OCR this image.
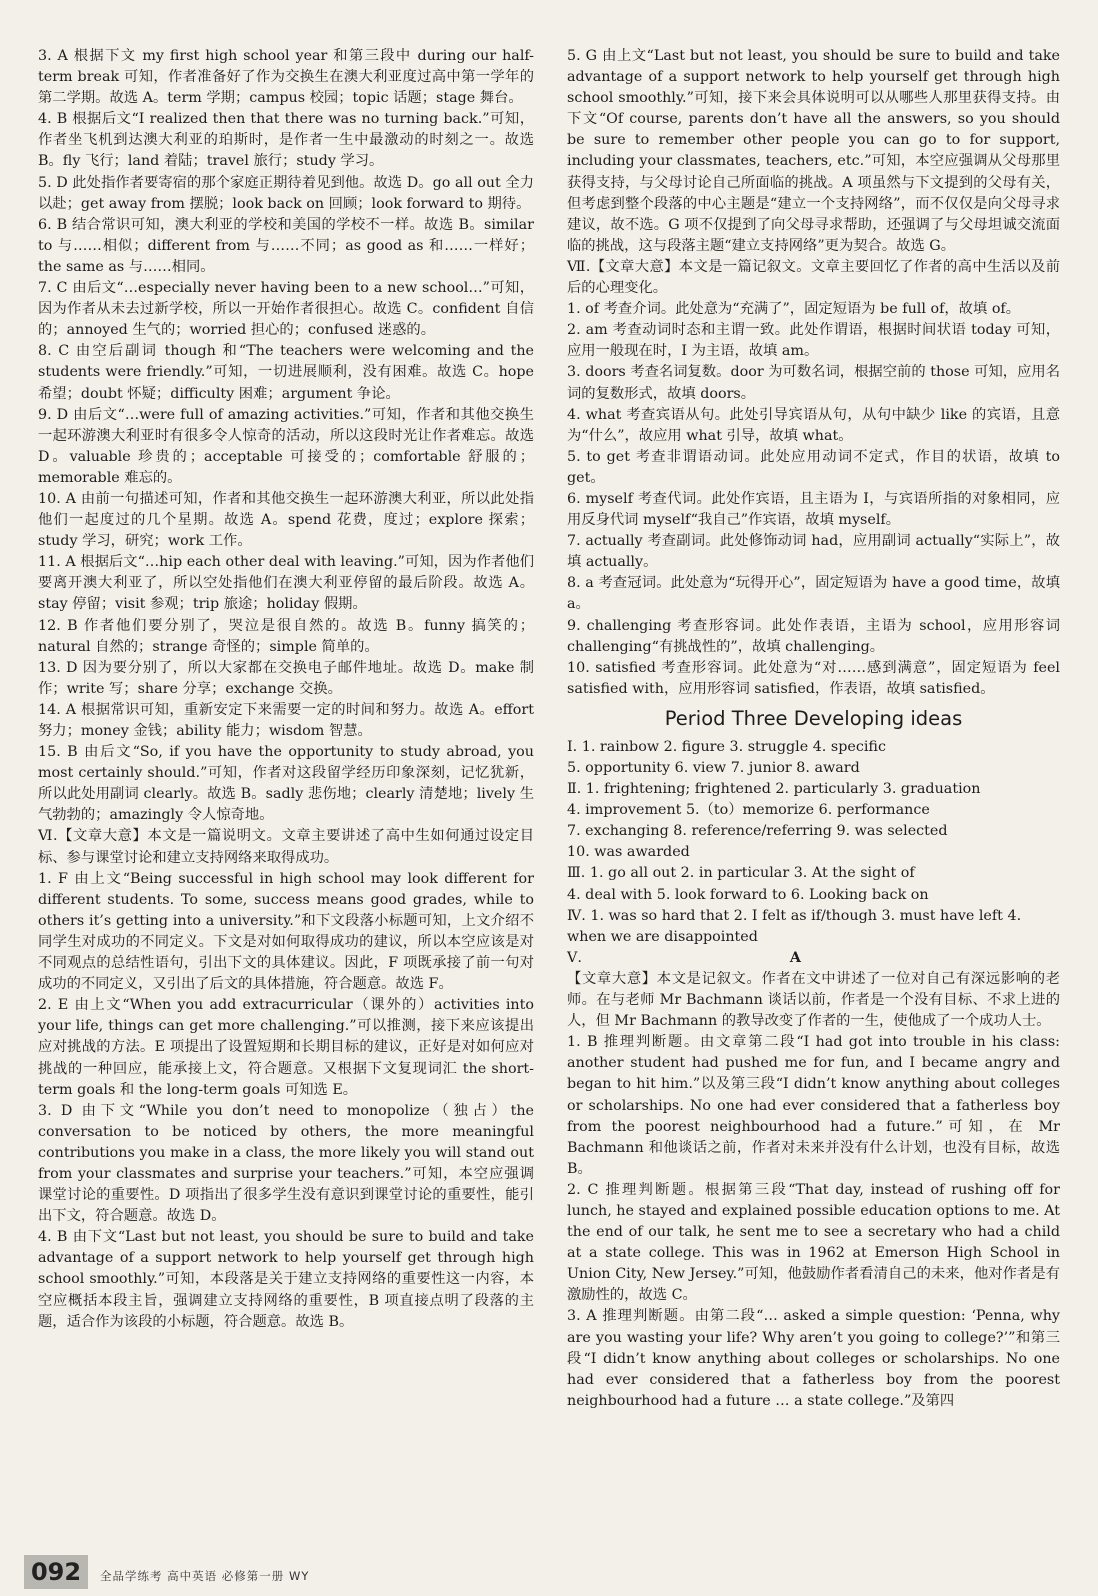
3. A 根据下文 my first high school year 和第三段中 during our half-term break 可知，作者准备好了作为交换生在澳大利亚度过高中第一学年的第二学期。故选 A。term 学期；campus 校园；topic 话题；stage 舞台。

4. B 根据后文“I realized then that there was no turning back.”可知，作者坐飞机到达澳大利亚的珀斯时，是作者一生中最激动的时刻之一。故选 B。fly 飞行；land 着陆；travel 旅行；study 学习。

5. D 此处指作者要寄宿的那个家庭正期待着见到他。故选 D。go all out 全力以赴；get away from 摆脱；look back on 回顾；look forward to 期待。

6. B 结合常识可知，澳大利亚的学校和美国的学校不一样。故选 B。similar to 与……相似；different from 与……不同；as good as 和……一样好；the same as 与……相同。

7. C 由后文“…especially never having been to a new school…”可知，因为作者从未去过新学校，所以一开始作者很担心。故选 C。confident 自信的；annoyed 生气的；worried 担心的；confused 迷惑的。

8. C 由空后副词 though 和“The teachers were welcoming and the students were friendly.”可知，一切进展顺利，没有困难。故选 C。hope 希望；doubt 怀疑；difficulty 困难；argument 争论。

9. D 由后文“…were full of amazing activities.”可知，作者和其他交换生一起环游澳大利亚时有很多令人惊奇的活动，所以这段时光让作者难忘。故选 D。valuable 珍贵的；acceptable 可接受的；comfortable 舒服的；memorable 难忘的。

10. A 由前一句描述可知，作者和其他交换生一起环游澳大利亚，所以此处指他们一起度过的几个星期。故选 A。spend 花费，度过；explore 探索；study 学习，研究；work 工作。

11. A 根据后文“…hip each other deal with leaving.”可知，因为作者他们要离开澳大利亚了，所以空处指他们在澳大利亚停留的最后阶段。故选 A。stay 停留；visit 参观；trip 旅途；holiday 假期。

12. B 作者他们要分别了，哭泣是很自然的。故选 B。funny 搞笑的；natural 自然的；strange 奇怪的；simple 简单的。

13. D 因为要分别了，所以大家都在交换电子邮件地址。故选 D。make 制作；write 写；share 分享；exchange 交换。

14. A 根据常识可知，重新安定下来需要一定的时间和努力。故选 A。effort 努力；money 金钱；ability 能力；wisdom 智慧。

15. B 由后文“So, if you have the opportunity to study abroad, you most certainly should.”可知，作者对这段留学经历印象深刻，记忆犹新，所以此处用副词 clearly。故选 B。sadly 悲伤地；clearly 清楚地；lively 生气勃勃的；amazingly 令人惊奇地。

Ⅵ.【文章大意】本文是一篇说明文。文章主要讲述了高中生如何通过设定目标、参与课堂讨论和建立支持网络来取得成功。

1. F 由上文“Being successful in high school may look different for different students. To some, success means good grades, while to others it’s getting into a university.”和下文段落小标题可知，上文介绍不同学生对成功的不同定义。下文是对如何取得成功的建议，所以本空应该是对不同观点的总结性语句，引出下文的具体建议。因此，F 项既承接了前一句对成功的不同定义，又引出了后文的具体措施，符合题意。故选 F。

2. E 由上文“When you add extracurricular（课外的）activities into your life, things can get more challenging.”可以推测，接下来应该提出应对挑战的方法。E 项提出了设置短期和长期目标的建议，正好是对如何应对挑战的一种回应，能承接上文，符合题意。又根据下文复现词汇 the short-term goals 和 the long-term goals 可知选 E。

3. D 由下文“While you don’t need to monopolize（独占）the conversation to be noticed by others, the more meaningful contributions you make in a class, the more likely you will stand out from your classmates and surprise your teachers.”可知，本空应强调课堂讨论的重要性。D 项指出了很多学生没有意识到课堂讨论的重要性，能引出下文，符合题意。故选 D。

4. B 由下文“Last but not least, you should be sure to build and take advantage of a support network to help yourself get through high school smoothly.”可知，本段落是关于建立支持网络的重要性这一内容，本空应概括本段主旨，强调建立支持网络的重要性，B 项直接点明了段落的主题，适合作为该段的小标题，符合题意。故选 B。

5. G 由上文“Last but not least, you should be sure to build and take advantage of a support network to help yourself get through high school smoothly.”可知，接下来会具体说明可以从哪些人那里获得支持。由下文“Of course, parents don’t have all the answers, so you should be sure to remember other people you can go to for support, including your classmates, teachers, etc.”可知，本空应强调从父母那里获得支持，与父母讨论自己所面临的挑战。A 项虽然与下文提到的父母有关，但考虑到整个段落的中心主题是“建立一个支持网络”，而不仅仅是向父母寻求建议，故不选。G 项不仅提到了向父母寻求帮助，还强调了与父母坦诚交流面临的挑战，这与段落主题“建立支持网络”更为契合。故选 G。

Ⅶ.【文章大意】本文是一篇记叙文。文章主要回忆了作者的高中生活以及前后的心理变化。

1. of 考查介词。此处意为“充满了”，固定短语为 be full of，故填 of。

2. am 考查动词时态和主谓一致。此处作谓语，根据时间状语 today 可知，应用一般现在时，I 为主语，故填 am。

3. doors 考查名词复数。door 为可数名词，根据空前的 those 可知，应用名词的复数形式，故填 doors。

4. what 考查宾语从句。此处引导宾语从句，从句中缺少 like 的宾语，且意为“什么”，故应用 what 引导，故填 what。

5. to get 考查非谓语动词。此处应用动词不定式，作目的状语，故填 to get。

6. myself 考查代词。此处作宾语，且主语为 I，与宾语所指的对象相同，应用反身代词 myself“我自己”作宾语，故填 myself。

7. actually 考查副词。此处修饰动词 had，应用副词 actually“实际上”，故填 actually。

8. a 考查冠词。此处意为“玩得开心”，固定短语为 have a good time，故填 a。

9. challenging 考查形容词。此处作表语，主语为 school，应用形容词 challenging“有挑战性的”，故填 challenging。

10. satisfied 考查形容词。此处意为“对……感到满意”，固定短语为 feel satisfied with，应用形容词 satisfied，作表语，故填 satisfied。

Period Three Developing ideas

Ⅰ. 1. rainbow 2. figure 3. struggle 4. specific

5. opportunity 6. view 7. junior 8. award

Ⅱ. 1. frightening; frightened 2. particularly 3. graduation

4. improvement 5.（to）memorize 6. performance

7. exchanging 8. reference/referring 9. was selected

10. was awarded

Ⅲ. 1. go all out 2. in particular 3. At the sight of

4. deal with 5. look forward to 6. Looking back on

Ⅳ. 1. was so hard that 2. I felt as if/though 3. must have left 4. when we are disappointed

Ⅴ.	A

【文章大意】本文是记叙文。作者在文中讲述了一位对自己有深远影响的老师。在与老师 Mr Bachmann 谈话以前，作者是一个没有目标、不求上进的人，但 Mr Bachmann 的教导改变了作者的一生，使他成了一个成功人士。

1. B 推理判断题。由文章第二段“I had got into trouble in his class: another student had pushed me for fun, and I became angry and began to hit him.”以及第三段“I didn’t know anything about colleges or scholarships. No one had ever considered that a fatherless boy from the poorest neighbourhood had a future.”可知，在 Mr Bachmann 和他谈话之前，作者对未来并没有什么计划，也没有目标，故选 B。

2. C 推理判断题。根据第三段“That day, instead of rushing off for lunch, he stayed and explained possible education options to me. At the end of our talk, he sent me to see a secretary who had a child at a state college. This was in 1962 at Emerson High School in Union City, New Jersey.”可知，他鼓励作者看清自己的未来，他对作者是有激励性的，故选 C。

3. A 推理判断题。由第二段“… asked a simple question: ‘Penna, why are you wasting your life? Why aren’t you going to college?’”和第三段“I didn’t know anything about colleges or scholarships. No one had ever considered that a fatherless boy from the poorest neighbourhood had a future … a state college.”及第四

092	全品学练考 高中英语 必修第一册 WY
